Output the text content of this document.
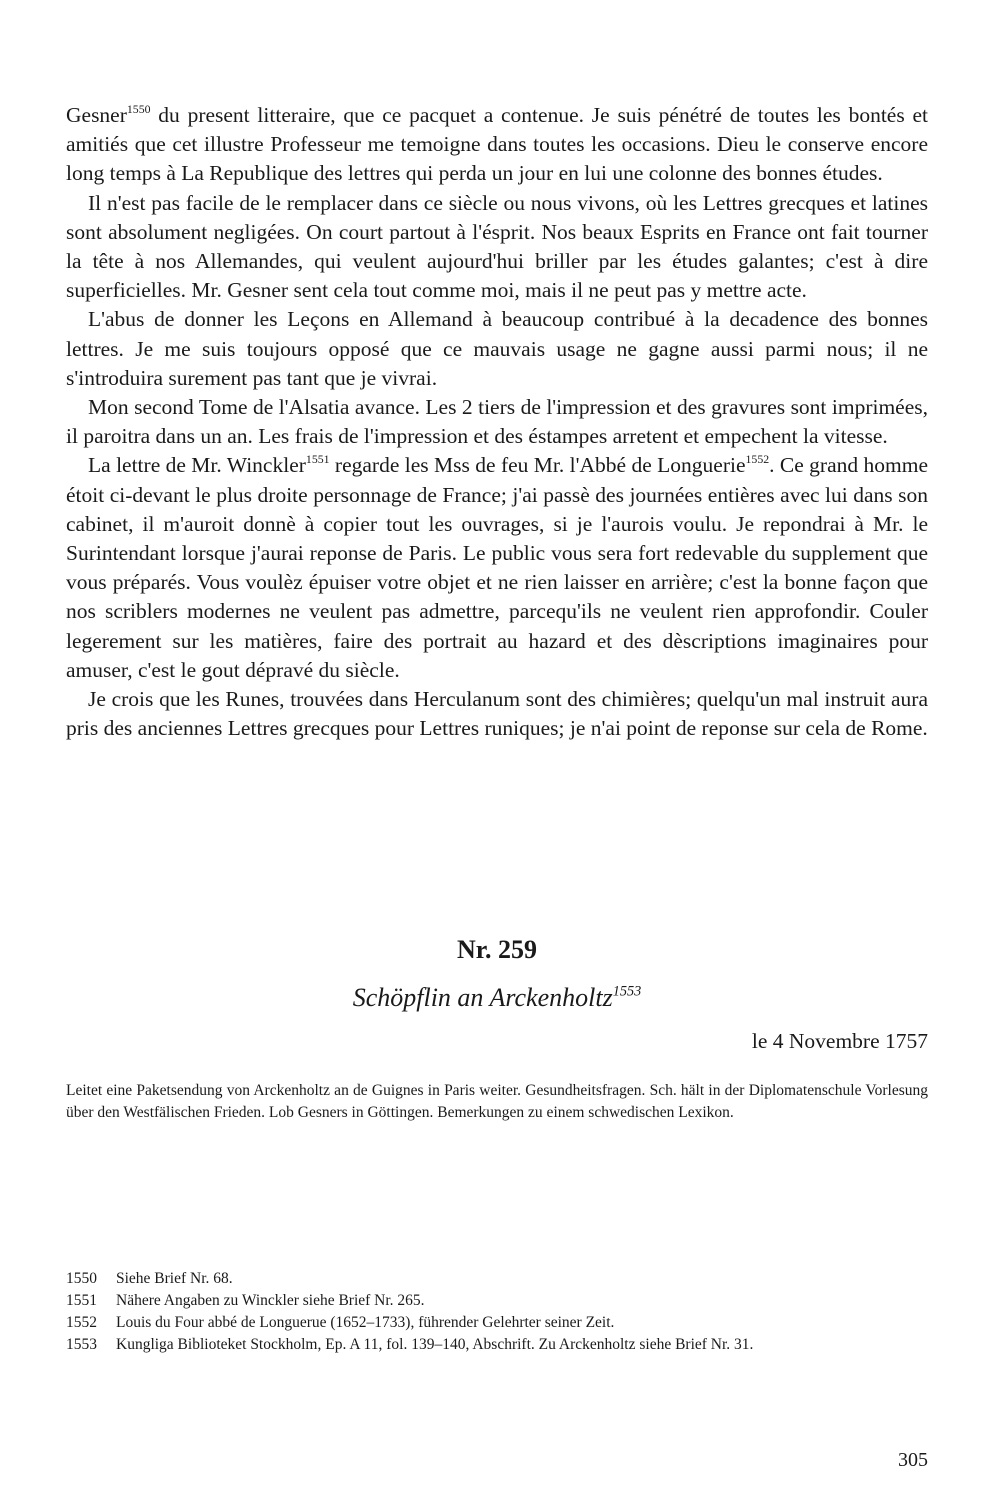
Gesner$^{1550}$ du present litteraire, que ce pacquet a contenue. Je suis pénétré de toutes les bontés et amitiés que cet illustre Professeur me temoigne dans toutes les occasions. Dieu le conserve encore long temps à La Republique des lettres qui perda un jour en lui une colonne des bonnes études.

Il n'est pas facile de le remplacer dans ce siècle ou nous vivons, où les Lettres grecques et latines sont absolument negligées. On court partout à l'ésprit. Nos beaux Esprits en France ont fait tourner la tête à nos Allemandes, qui veulent aujourd'hui briller par les études galantes; c'est à dire superficielles. Mr. Gesner sent cela tout comme moi, mais il ne peut pas y mettre acte.

L'abus de donner les Leçons en Allemand à beaucoup contribué à la decadence des bonnes lettres. Je me suis toujours opposé que ce mauvais usage ne gagne aussi parmi nous; il ne s'introduira surement pas tant que je vivrai.

Mon second Tome de l'Alsatia avance. Les 2 tiers de l'impression et des gravures sont imprimées, il paroitra dans un an. Les frais de l'impression et des éstampes arretent et empechent la vitesse.

La lettre de Mr. Winckler$^{1551}$ regarde les Mss de feu Mr. l'Abbé de Longuerie$^{1552}$. Ce grand homme étoit ci-devant le plus droite personnage de France; j'ai passè des journées entières avec lui dans son cabinet, il m'auroit donnè à copier tout les ouvrages, si je l'aurois voulu. Je repondrai à Mr. le Surintendant lorsque j'aurai reponse de Paris. Le public vous sera fort redevable du supplement que vous préparés. Vous voulèz épuiser votre objet et ne rien laisser en arrière; c'est la bonne façon que nos scriblers modernes ne veulent pas admettre, parcequ'ils ne veulent rien approfondir. Couler legerement sur les matières, faire des portrait au hazard et des dèscriptions imaginaires pour amuser, c'est le gout dépravé du siècle.

Je crois que les Runes, trouvées dans Herculanum sont des chimières; quelqu'un mal instruit aura pris des anciennes Lettres grecques pour Lettres runiques; je n'ai point de reponse sur cela de Rome.

Nr. 259
Schöpflin an Arckenholtz$^{1553}$
le 4 Novembre 1757
Leitet eine Paketsendung von Arckenholtz an de Guignes in Paris weiter. Gesundheitsfragen. Sch. hält in der Diplomatenschule Vorlesung über den Westfälischen Frieden. Lob Gesners in Göttingen. Bemerkungen zu einem schwedischen Lexikon.
1550	Siehe Brief Nr. 68.
1551	Nähere Angaben zu Winckler siehe Brief Nr. 265.
1552	Louis du Four abbé de Longuerue (1652–1733), führender Gelehrter seiner Zeit.
1553	Kungliga Biblioteket Stockholm, Ep. A 11, fol. 139–140, Abschrift. Zu Arckenholtz siehe Brief Nr. 31.
305
